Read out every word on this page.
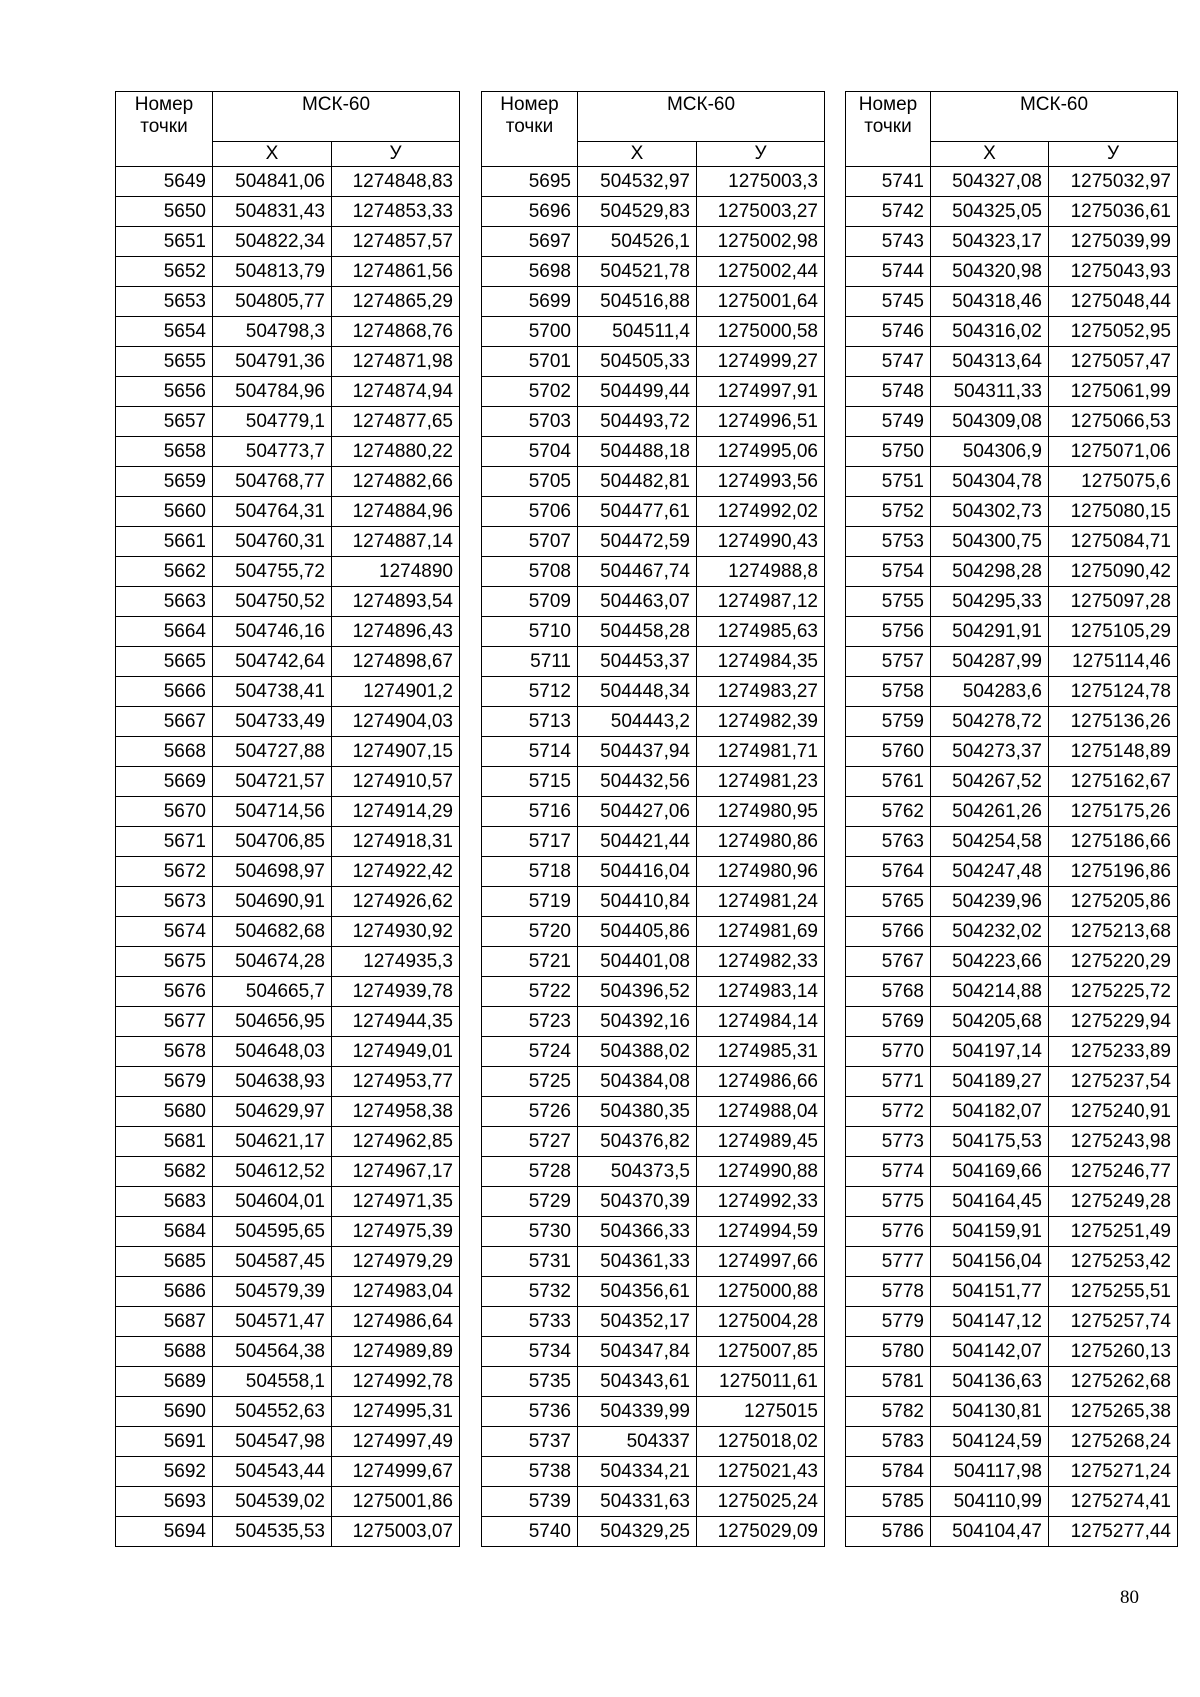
Номер
точки	МСК-60	
	Х	У
5649	504841,06	1274848,83
5650	504831,43	1274853,33
5651	504822,34	1274857,57
5652	504813,79	1274861,56
5653	504805,77	1274865,29
5654	504798,3	1274868,76
5655	504791,36	1274871,98
5656	504784,96	1274874,94
5657	504779,1	1274877,65
5658	504773,7	1274880,22
5659	504768,77	1274882,66
5660	504764,31	1274884,96
5661	504760,31	1274887,14
5662	504755,72	1274890
5663	504750,52	1274893,54
5664	504746,16	1274896,43
5665	504742,64	1274898,67
5666	504738,41	1274901,2
5667	504733,49	1274904,03
5668	504727,88	1274907,15
5669	504721,57	1274910,57
5670	504714,56	1274914,29
5671	504706,85	1274918,31
5672	504698,97	1274922,42
5673	504690,91	1274926,62
5674	504682,68	1274930,92
5675	504674,28	1274935,3
5676	504665,7	1274939,78
5677	504656,95	1274944,35
5678	504648,03	1274949,01
5679	504638,93	1274953,77
5680	504629,97	1274958,38
5681	504621,17	1274962,85
5682	504612,52	1274967,17
5683	504604,01	1274971,35
5684	504595,65	1274975,39
5685	504587,45	1274979,29
5686	504579,39	1274983,04
5687	504571,47	1274986,64
5688	504564,38	1274989,89
5689	504558,1	1274992,78
5690	504552,63	1274995,31
5691	504547,98	1274997,49
5692	504543,44	1274999,67
5693	504539,02	1275001,86
5694	504535,53	1275003,07
Номер
точки	МСК-60	
	Х	У
5695	504532,97	1275003,3
5696	504529,83	1275003,27
5697	504526,1	1275002,98
5698	504521,78	1275002,44
5699	504516,88	1275001,64
5700	504511,4	1275000,58
5701	504505,33	1274999,27
5702	504499,44	1274997,91
5703	504493,72	1274996,51
5704	504488,18	1274995,06
5705	504482,81	1274993,56
5706	504477,61	1274992,02
5707	504472,59	1274990,43
5708	504467,74	1274988,8
5709	504463,07	1274987,12
5710	504458,28	1274985,63
5711	504453,37	1274984,35
5712	504448,34	1274983,27
5713	504443,2	1274982,39
5714	504437,94	1274981,71
5715	504432,56	1274981,23
5716	504427,06	1274980,95
5717	504421,44	1274980,86
5718	504416,04	1274980,96
5719	504410,84	1274981,24
5720	504405,86	1274981,69
5721	504401,08	1274982,33
5722	504396,52	1274983,14
5723	504392,16	1274984,14
5724	504388,02	1274985,31
5725	504384,08	1274986,66
5726	504380,35	1274988,04
5727	504376,82	1274989,45
5728	504373,5	1274990,88
5729	504370,39	1274992,33
5730	504366,33	1274994,59
5731	504361,33	1274997,66
5732	504356,61	1275000,88
5733	504352,17	1275004,28
5734	504347,84	1275007,85
5735	504343,61	1275011,61
5736	504339,99	1275015
5737	504337	1275018,02
5738	504334,21	1275021,43
5739	504331,63	1275025,24
5740	504329,25	1275029,09
Номер
точки	МСК-60	
	Х	У
5741	504327,08	1275032,97
5742	504325,05	1275036,61
5743	504323,17	1275039,99
5744	504320,98	1275043,93
5745	504318,46	1275048,44
5746	504316,02	1275052,95
5747	504313,64	1275057,47
5748	504311,33	1275061,99
5749	504309,08	1275066,53
5750	504306,9	1275071,06
5751	504304,78	1275075,6
5752	504302,73	1275080,15
5753	504300,75	1275084,71
5754	504298,28	1275090,42
5755	504295,33	1275097,28
5756	504291,91	1275105,29
5757	504287,99	1275114,46
5758	504283,6	1275124,78
5759	504278,72	1275136,26
5760	504273,37	1275148,89
5761	504267,52	1275162,67
5762	504261,26	1275175,26
5763	504254,58	1275186,66
5764	504247,48	1275196,86
5765	504239,96	1275205,86
5766	504232,02	1275213,68
5767	504223,66	1275220,29
5768	504214,88	1275225,72
5769	504205,68	1275229,94
5770	504197,14	1275233,89
5771	504189,27	1275237,54
5772	504182,07	1275240,91
5773	504175,53	1275243,98
5774	504169,66	1275246,77
5775	504164,45	1275249,28
5776	504159,91	1275251,49
5777	504156,04	1275253,42
5778	504151,77	1275255,51
5779	504147,12	1275257,74
5780	504142,07	1275260,13
5781	504136,63	1275262,68
5782	504130,81	1275265,38
5783	504124,59	1275268,24
5784	504117,98	1275271,24
5785	504110,99	1275274,41
5786	504104,47	1275277,44
80
